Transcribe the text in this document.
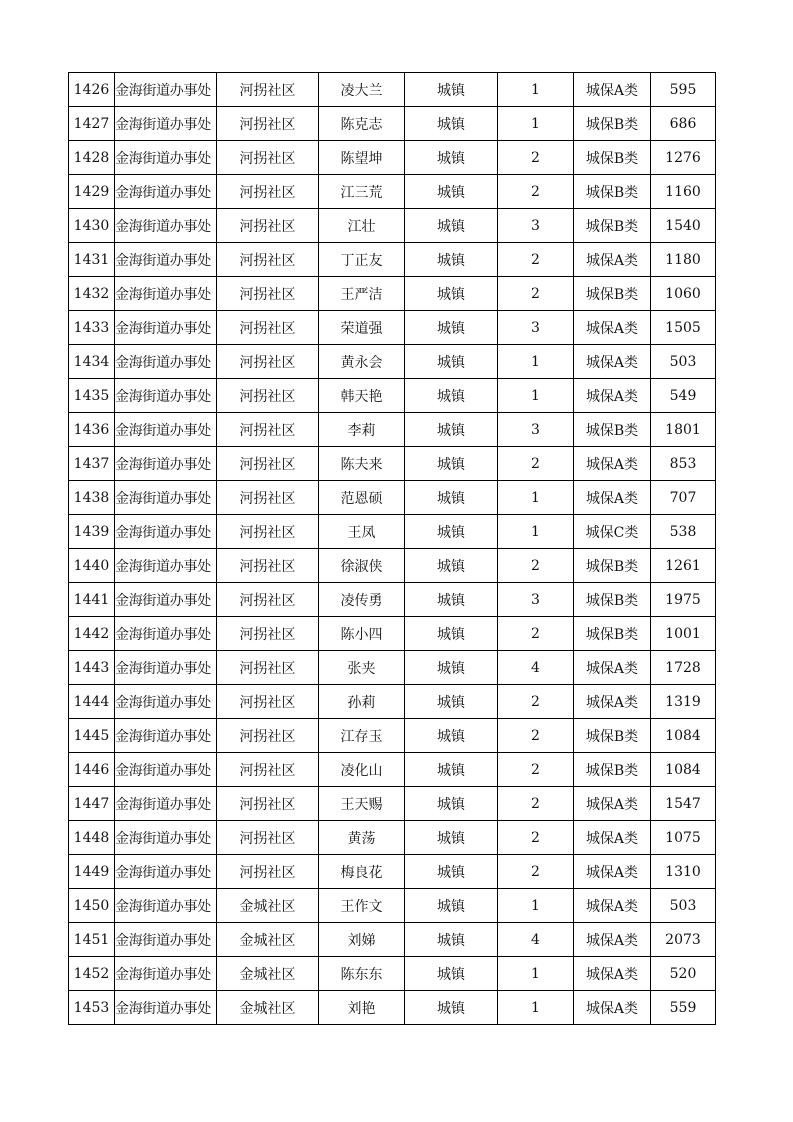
1426	金海街道办事处	河拐社区	凌大兰	城镇	1	城保A类	595
1427	金海街道办事处	河拐社区	陈克志	城镇	1	城保B类	686
1428	金海街道办事处	河拐社区	陈望坤	城镇	2	城保B类	1276
1429	金海街道办事处	河拐社区	江三荒	城镇	2	城保B类	1160
1430	金海街道办事处	河拐社区	江壮	城镇	3	城保B类	1540
1431	金海街道办事处	河拐社区	丁正友	城镇	2	城保A类	1180
1432	金海街道办事处	河拐社区	王严洁	城镇	2	城保B类	1060
1433	金海街道办事处	河拐社区	荣道强	城镇	3	城保A类	1505
1434	金海街道办事处	河拐社区	黄永会	城镇	1	城保A类	503
1435	金海街道办事处	河拐社区	韩天艳	城镇	1	城保A类	549
1436	金海街道办事处	河拐社区	李莉	城镇	3	城保B类	1801
1437	金海街道办事处	河拐社区	陈夫来	城镇	2	城保A类	853
1438	金海街道办事处	河拐社区	范恩硕	城镇	1	城保A类	707
1439	金海街道办事处	河拐社区	王凤	城镇	1	城保C类	538
1440	金海街道办事处	河拐社区	徐淑侠	城镇	2	城保B类	1261
1441	金海街道办事处	河拐社区	凌传勇	城镇	3	城保B类	1975
1442	金海街道办事处	河拐社区	陈小四	城镇	2	城保B类	1001
1443	金海街道办事处	河拐社区	张夹	城镇	4	城保A类	1728
1444	金海街道办事处	河拐社区	孙莉	城镇	2	城保A类	1319
1445	金海街道办事处	河拐社区	江存玉	城镇	2	城保B类	1084
1446	金海街道办事处	河拐社区	凌化山	城镇	2	城保B类	1084
1447	金海街道办事处	河拐社区	王天赐	城镇	2	城保A类	1547
1448	金海街道办事处	河拐社区	黄荡	城镇	2	城保A类	1075
1449	金海街道办事处	河拐社区	梅良花	城镇	2	城保A类	1310
1450	金海街道办事处	金城社区	王作文	城镇	1	城保A类	503
1451	金海街道办事处	金城社区	刘娣	城镇	4	城保A类	2073
1452	金海街道办事处	金城社区	陈东东	城镇	1	城保A类	520
1453	金海街道办事处	金城社区	刘艳	城镇	1	城保A类	559
